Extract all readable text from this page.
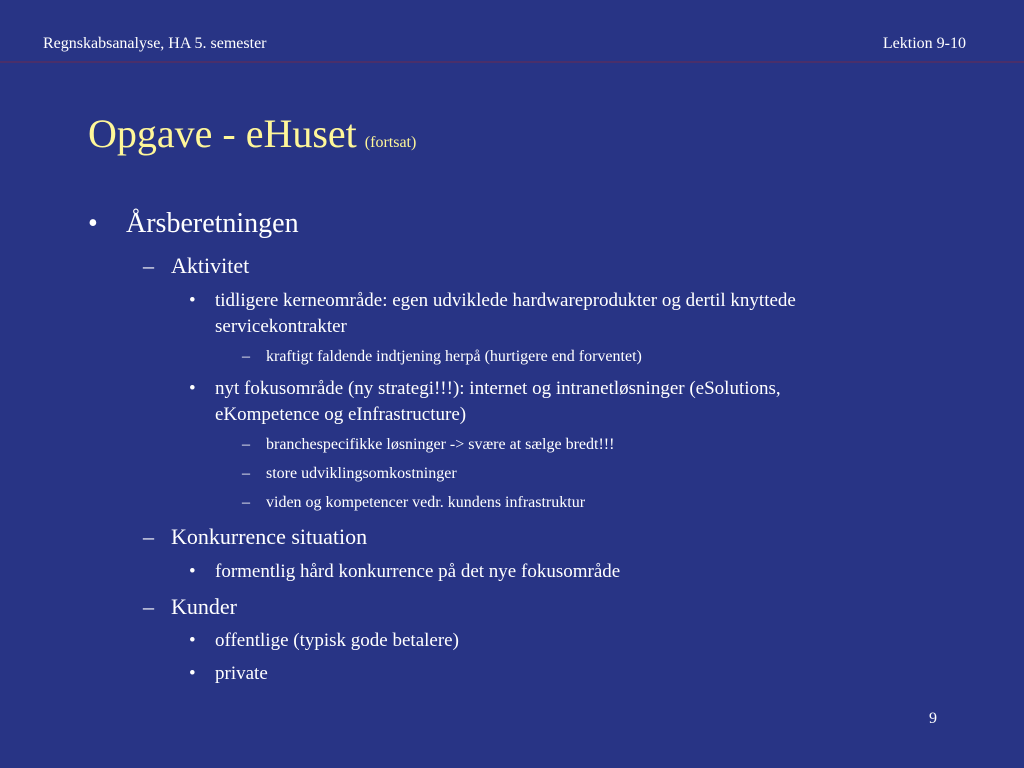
Regnskabsanalyse, HA 5. semester	Lektion 9-10
Opgave - eHuset (fortsat)
• Årsberetningen
– Aktivitet
• tidligere kerneområde: egen udviklede hardwareprodukter og dertil knyttede
servicekontrakter
– kraftigt faldende indtjening herpå (hurtigere end forventet)
• nyt fokusområde (ny strategi!!!): internet og intranetløsninger (eSolutions,
eKompetence og eInfrastructure)
– branchespecifikke løsninger -> svære at sælge bredt!!!
– store udviklingsomkostninger
– viden og kompetencer vedr. kundens infrastruktur
– Konkurrence situation
• formentlig hård konkurrence på det nye fokusområde
– Kunder
• offentlige (typisk gode betalere)
• private
9
